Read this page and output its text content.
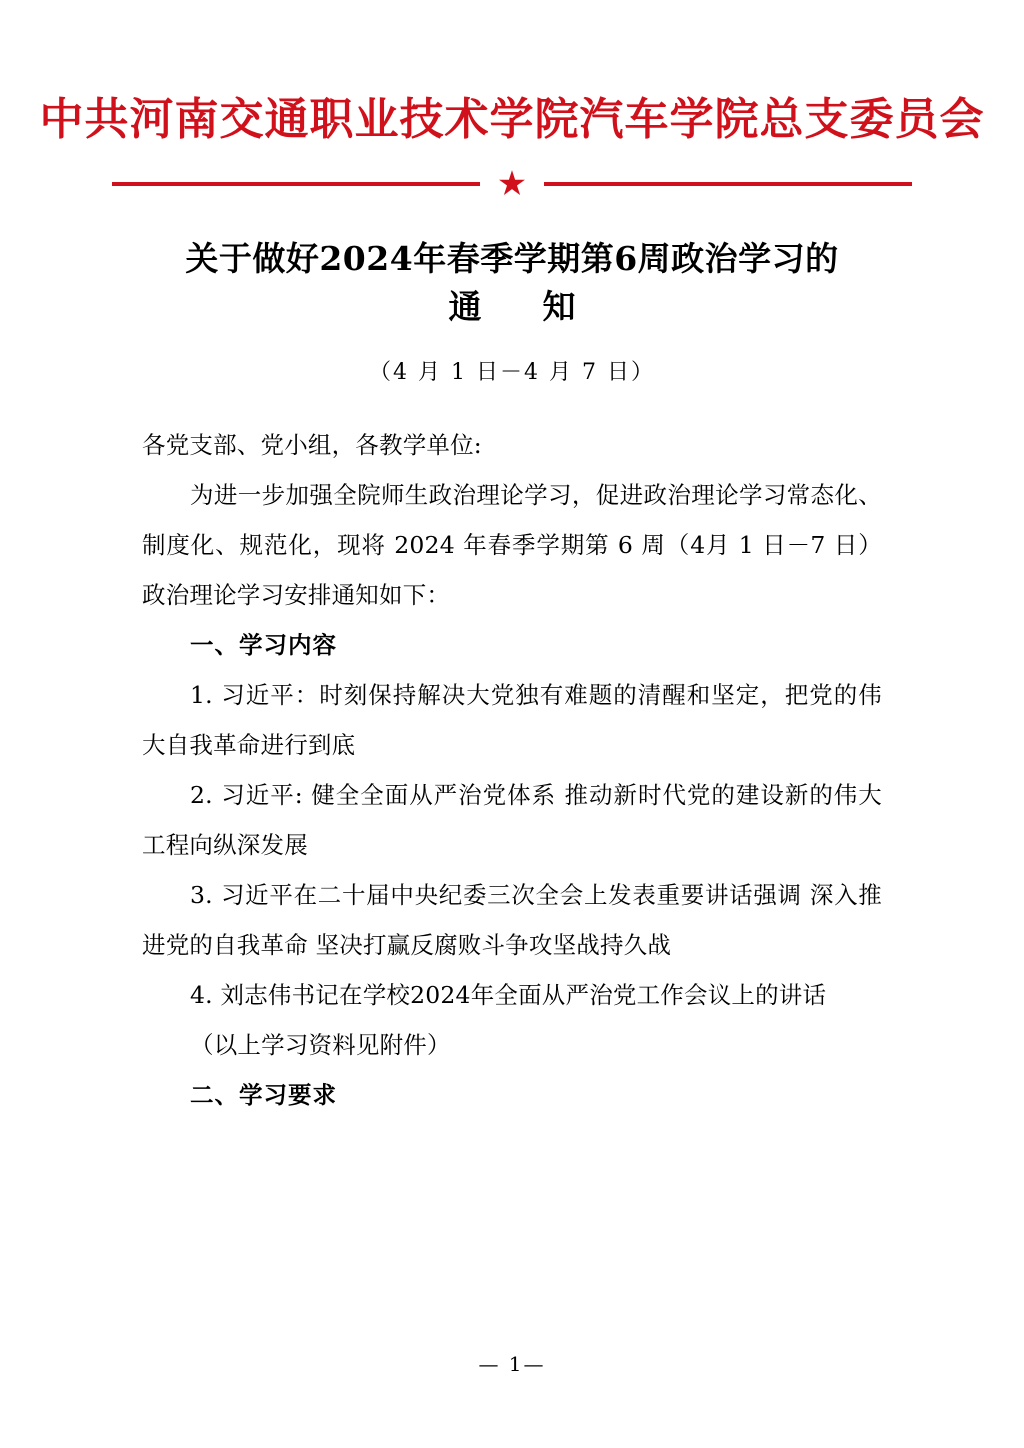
中共河南交通职业技术学院汽车学院总支委员会
★
关于做好2024年春季学期第6周政治学习的
通　知
（4 月 1 日－4 月 7 日）

各党支部、党小组，各教学单位:

为进一步加强全院师生政治理论学习，促进政治理论学习常态化、制度化、规范化，现将 2024 年春季学期第 6 周（4月 1 日－7 日）政治理论学习安排通知如下：

一、学习内容

1. 习近平：时刻保持解决大党独有难题的清醒和坚定，把党的伟大自我革命进行到底

2. 习近平: 健全全面从严治党体系 推动新时代党的建设新的伟大工程向纵深发展

3. 习近平在二十届中央纪委三次全会上发表重要讲话强调 深入推进党的自我革命 坚决打赢反腐败斗争攻坚战持久战

4. 刘志伟书记在学校2024年全面从严治党工作会议上的讲话

（以上学习资料见附件）

二、学习要求

— 1—
